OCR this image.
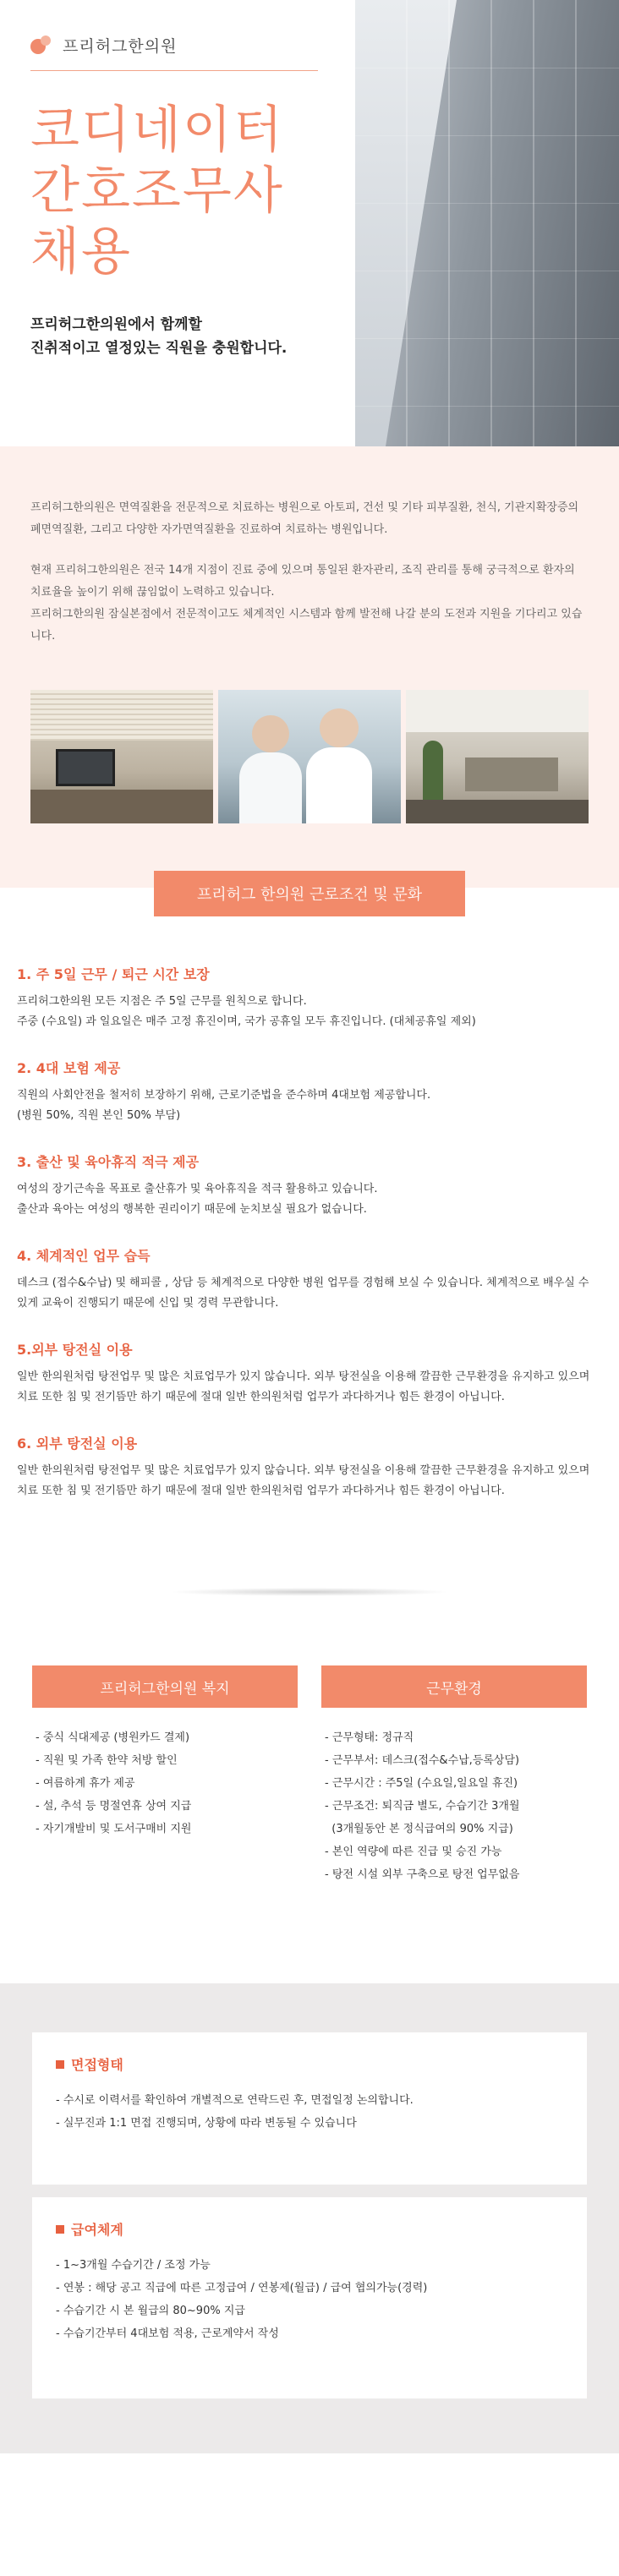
프리허그한의원
코디네이터
간호조무사
채용
프리허그한의원에서 함께할
진취적이고 열정있는 직원을 충원합니다.

프리허그한의원은 면역질환을 전문적으로 치료하는 병원으로 아토피, 건선 및 기타 피부질환, 천식, 기관지확장증의 폐면역질환, 그리고 다양한 자가면역질환을 진료하여 치료하는 병원입니다.

현재 프리허그한의원은 전국 14개 지점이 진료 중에 있으며 통일된 환자관리, 조직 관리를 통해 궁극적으로 환자의 치료율을 높이기 위해 끊임없이 노력하고 있습니다.

프리허그한의원 잠실본점에서 전문적이고도 체계적인 시스템과 함께 발전해 나갈 분의 도전과 지원을 기다리고 있습니다.

프리허그 한의원 근로조건 및 문화
1. 주 5일 근무 / 퇴근 시간 보장
프리허그한의원 모든 지점은 주 5일 근무를 원칙으로 합니다.
주중 (수요일) 과 일요일은 매주 고정 휴진이며, 국가 공휴일 모두 휴진입니다. (대체공휴일 제외)
2. 4대 보험 제공
직원의 사회안전을 철저히 보장하기 위해, 근로기준법을 준수하며 4대보험 제공합니다.
(병원 50%, 직원 본인 50% 부담)
3. 출산 및 육아휴직 적극 제공
여성의 장기근속을 목표로 출산휴가 및 육아휴직을 적극 활용하고 있습니다.
출산과 육아는 여성의 행복한 권리이기 때문에 눈치보실 필요가 없습니다.
4. 체계적인 업무 습득
데스크 (접수&수납) 및 해피콜 , 상담 등 체계적으로 다양한 병원 업무를 경험해 보실 수 있습니다. 체계적으로 배우실 수 있게 교육이 진행되기 때문에 신입 및 경력 무관합니다.
5.외부 탕전실 이용
일반 한의원처럼 탕전업무 및 많은 치료업무가 있지 않습니다. 외부 탕전실을 이용해 깔끔한 근무환경을 유지하고 있으며 치료 또한 침 및 전기뜸만 하기 때문에 절대 일반 한의원처럼 업무가 과다하거나 힘든 환경이 아닙니다.
6. 외부 탕전실 이용
일반 한의원처럼 탕전업무 및 많은 치료업무가 있지 않습니다. 외부 탕전실을 이용해 깔끔한 근무환경을 유지하고 있으며 치료 또한 침 및 전기뜸만 하기 때문에 절대 일반 한의원처럼 업무가 과다하거나 힘든 환경이 아닙니다.
프리허그한의원 복지
- 중식 식대제공 (병원카드 결제)
- 직원 및 가족 한약 처방 할인
- 여름하계 휴가 제공
- 설, 추석 등 명절연휴 상여 지급
- 자기개발비 및 도서구매비 지원
근무환경
- 근무형태: 정규직
- 근무부서: 데스크(접수&수납,등록상담)
- 근무시간 : 주5일 (수요일,일요일 휴진)
- 근무조건: 퇴직금 별도, 수습기간 3개월
(3개월동안 본 정식급여의 90% 지급)
- 본인 역량에 따른 진급 및 승진 가능
- 탕전 시설 외부 구축으로 탕전 업무없음
면접형태
- 수시로 이력서를 확인하여 개별적으로 연락드린 후, 면접일정 논의합니다.
- 실무진과 1:1 면접 진행되며, 상황에 따라 변동될 수 있습니다
급여체계
- 1~3개월 수습기간 / 조정 가능
- 연봉 : 해당 공고 직급에 따른 고정급여 / 연봉제(월급) / 급여 협의가능(경력)
- 수습기간 시 본 월급의 80~90% 지급
- 수습기간부터 4대보험 적용, 근로계약서 작성
